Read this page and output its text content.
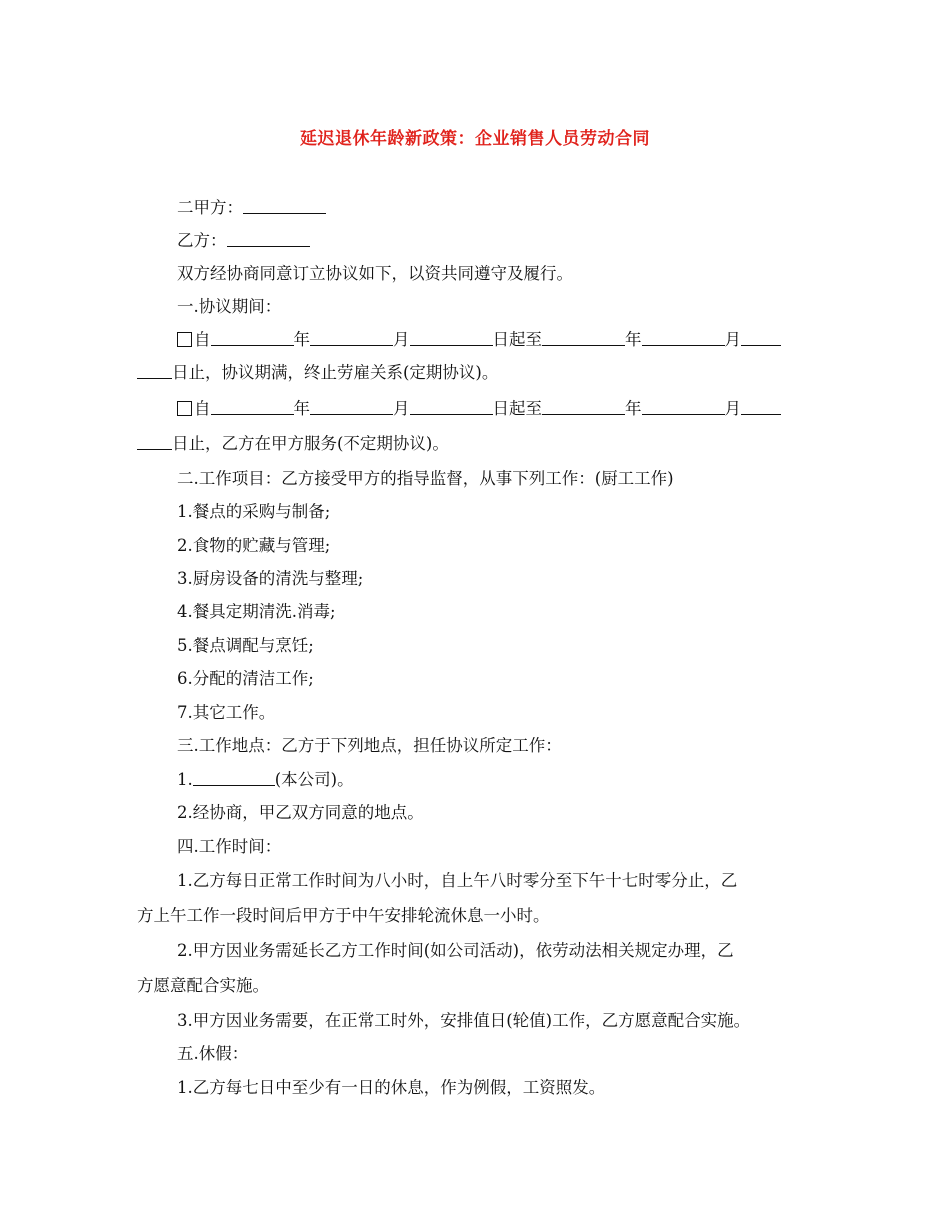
延迟退休年龄新政策：企业销售人员劳动合同
二甲方：
乙方：
双方经协商同意订立协议如下，以资共同遵守及履行。
一.协议期间：
自	年	月	日起至	年	月
日止，协议期满，终止劳雇关系(定期协议)。
自	年	月	日起至	年	月
日止，乙方在甲方服务(不定期协议)。
二.工作项目：乙方接受甲方的指导监督，从事下列工作：(厨工工作)
1.餐点的采购与制备;
2.食物的贮藏与管理;
3.厨房设备的清洗与整理;
4.餐具定期清洗.消毒;
5.餐点调配与烹饪;
6.分配的清洁工作;
7.其它工作。
三.工作地点：乙方于下列地点，担任协议所定工作：
1.	(本公司)。
2.经协商，甲乙双方同意的地点。
四.工作时间：
1.乙方每日正常工作时间为八小时，自上午八时零分至下午十七时零分止，乙
方上午工作一段时间后甲方于中午安排轮流休息一小时。
2.甲方因业务需延长乙方工作时间(如公司活动)，依劳动法相关规定办理，乙
方愿意配合实施。
3.甲方因业务需要，在正常工时外，安排值日(轮值)工作，乙方愿意配合实施。
五.休假：
1.乙方每七日中至少有一日的休息，作为例假，工资照发。
